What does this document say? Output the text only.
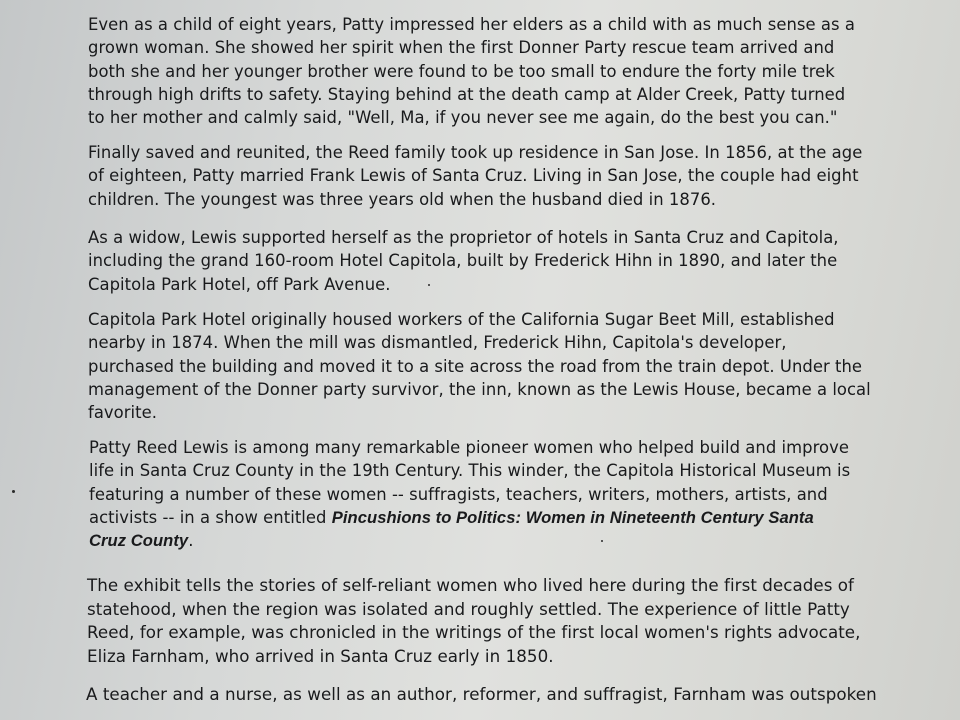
Even as a child of eight years, Patty impressed her elders as a child with as much sense as a
grown woman. She showed her spirit when the first Donner Party rescue team arrived and
both she and her younger brother were found to be too small to endure the forty mile trek
through high drifts to safety. Staying behind at the death camp at Alder Creek, Patty turned
to her mother and calmly said, "Well, Ma, if you never see me again, do the best you can."

Finally saved and reunited, the Reed family took up residence in San Jose. In 1856, at the age
of eighteen, Patty married Frank Lewis of Santa Cruz. Living in San Jose, the couple had eight
children. The youngest was three years old when the husband died in 1876.

As a widow, Lewis supported herself as the proprietor of hotels in Santa Cruz and Capitola,
including the grand 160-room Hotel Capitola, built by Frederick Hihn in 1890, and later the
Capitola Park Hotel, off Park Avenue.

Capitola Park Hotel originally housed workers of the California Sugar Beet Mill, established
nearby in 1874. When the mill was dismantled, Frederick Hihn, Capitola's developer,
purchased the building and moved it to a site across the road from the train depot. Under the
management of the Donner party survivor, the inn, known as the Lewis House, became a local
favorite.

Patty Reed Lewis is among many remarkable pioneer women who helped build and improve
life in Santa Cruz County in the 19th Century. This winder, the Capitola Historical Museum is
featuring a number of these women -- suffragists, teachers, writers, mothers, artists, and
activists -- in a show entitled Pincushions to Politics: Women in Nineteenth Century Santa
Cruz County.

The exhibit tells the stories of self-reliant women who lived here during the first decades of
statehood, when the region was isolated and roughly settled. The experience of little Patty
Reed, for example, was chronicled in the writings of the first local women's rights advocate,
Eliza Farnham, who arrived in Santa Cruz early in 1850.

A teacher and a nurse, as well as an author, reformer, and suffragist, Farnham was outspoken
